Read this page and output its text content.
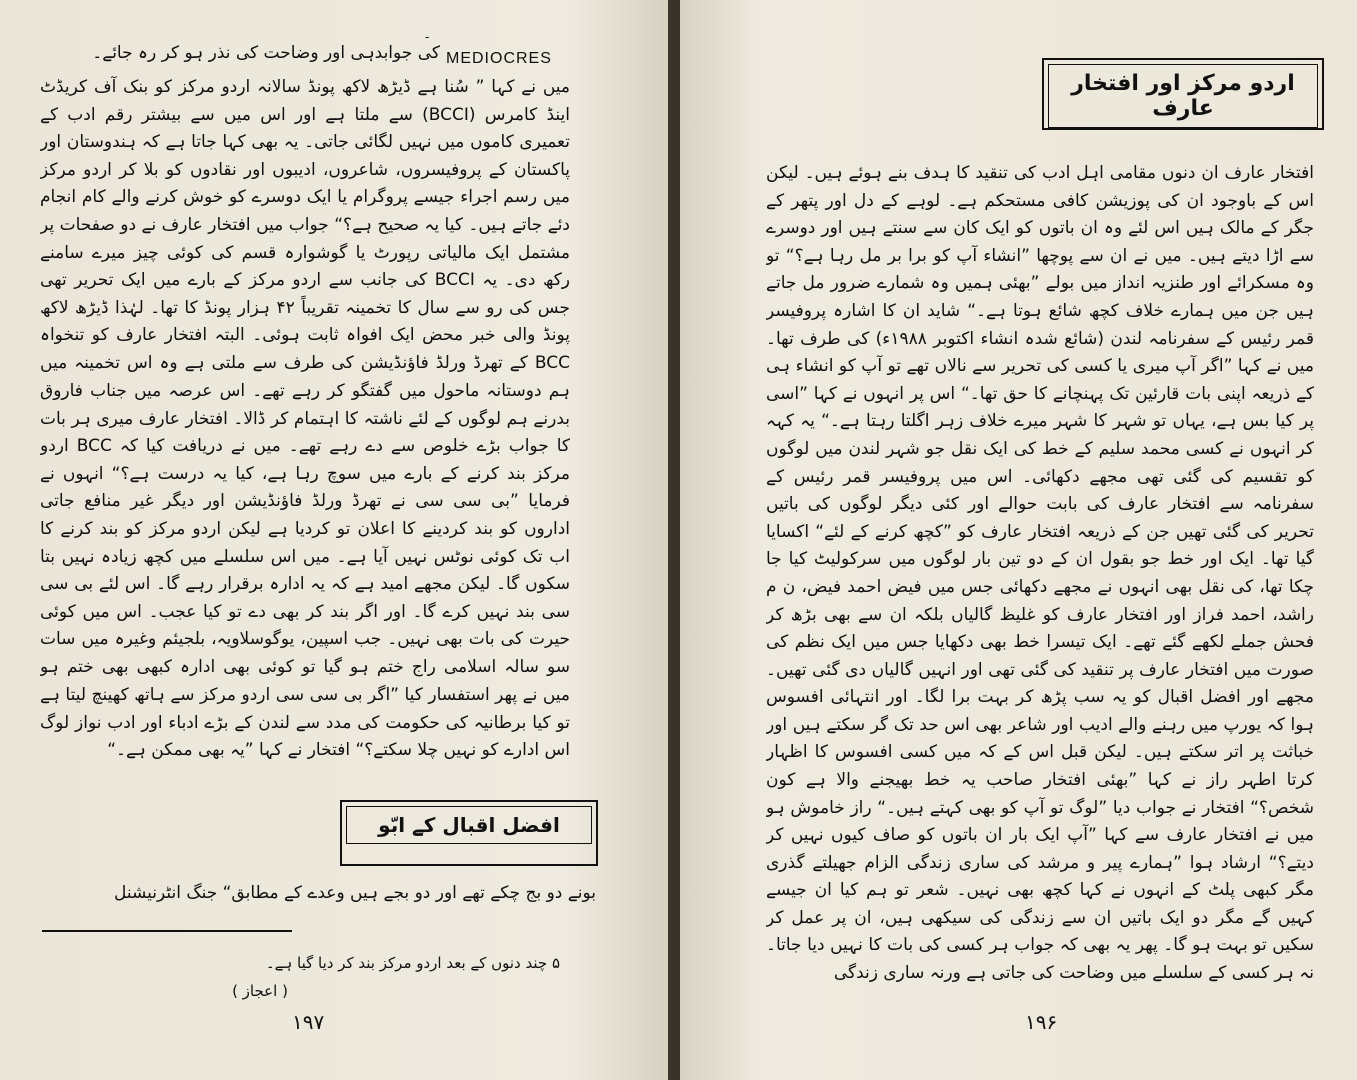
-
MEDIOCRES
کی جوابدہی اور وضاحت کی نذر ہو کر رہ جائے۔

میں نے کہا ” سُنا ہے ڈیڑھ لاکھ پونڈ سالانہ اردو مرکز کو بنک آف کریڈٹ اینڈ کامرس (BCCI) سے ملتا ہے اور اس میں سے بیشتر رقم ادب کے تعمیری کاموں میں نہیں لگائی جاتی۔ یہ بھی کہا جاتا ہے کہ ہندوستان اور پاکستان کے پروفیسروں، شاعروں، ادیبوں اور نقادوں کو بلا کر اردو مرکز میں رسم اجراء جیسے پروگرام یا ایک دوسرے کو خوش کرنے والے کام انجام دئے جاتے ہیں۔ کیا یہ صحیح ہے؟“ جواب میں افتخار عارف نے دو صفحات پر مشتمل ایک مالیاتی رپورٹ یا گوشوارہ قسم کی کوئی چیز میرے سامنے رکھ دی۔ یہ BCCI کی جانب سے اردو مرکز کے بارے میں ایک تحریر تھی جس کی رو سے سال کا تخمینہ تقریباً ۴۲ ہزار پونڈ کا تھا۔ لہٰذا ڈیڑھ لاکھ پونڈ والی خبر محض ایک افواہ ثابت ہوئی۔ البتہ افتخار عارف کو تنخواہ BCC کے تھرڈ ورلڈ فاؤنڈیشن کی طرف سے ملتی ہے وہ اس تخمینہ میں

ہم دوستانہ ماحول میں گفتگو کر رہے تھے۔ اس عرصہ میں جناب فاروق بدرنے ہم لوگوں کے لئے ناشتہ کا اہتمام کر ڈالا۔ افتخار عارف میری ہر بات کا جواب بڑے خلوص سے دے رہے تھے۔ میں نے دریافت کیا کہ BCC اردو مرکز بند کرنے کے بارے میں سوچ رہا ہے، کیا یہ درست ہے؟“ انہوں نے فرمایا ”بی سی سی نے تھرڈ ورلڈ فاؤنڈیشن اور دیگر غیر منافع جاتی اداروں کو بند کردینے کا اعلان تو کردیا ہے لیکن اردو مرکز کو بند کرنے کا اب تک کوئی نوٹس نہیں آیا ہے۔ میں اس سلسلے میں کچھ زیادہ نہیں بتا سکوں گا۔ لیکن مجھے امید ہے کہ یہ ادارہ برقرار رہے گا۔ اس لئے بی سی سی بند نہیں کرے گا۔ اور اگر بند کر بھی دے تو کیا عجب۔ اس میں کوئی حیرت کی بات بھی نہیں۔ جب اسپین، یوگوسلاویہ، بلجیئم وغیرہ میں سات سو سالہ اسلامی راج ختم ہو گیا تو کوئی بھی ادارہ کبھی بھی ختم ہو

میں نے پھر استفسار کیا ”اگر بی سی سی اردو مرکز سے ہاتھ کھینچ لیتا ہے تو کیا برطانیہ کی حکومت کی مدد سے لندن کے بڑے ادباء اور ادب نواز لوگ اس ادارے کو نہیں چلا سکتے؟“ افتخار نے کہا ”یہ بھی ممکن ہے۔“

افضل اقبال کے ابّو
بونے دو بج چکے تھے اور دو بجے ہیں وعدے کے مطابق“ جنگ انٹرنیشنل
۵ چند دنوں کے بعد اردو مرکز بند کر دیا گیا ہے۔
( اعجاز )
۱۹۷
اردو مرکز اور افتخار عارف

افتخار عارف ان دنوں مقامی اہل ادب کی تنقید کا ہدف بنے ہوئے ہیں۔ لیکن اس کے باوجود ان کی پوزیشن کافی مستحکم ہے۔ لوہے کے دل اور پتھر کے جگر کے مالک ہیں اس لئے وہ ان باتوں کو ایک کان سے سنتے ہیں اور دوسرے سے اڑا دیتے ہیں۔ میں نے ان سے پوچھا ”انشاء آپ کو برا بر مل رہا ہے؟“ تو وہ مسکرائے اور طنزیہ انداز میں بولے ”بھئی ہمیں وہ شمارے ضرور مل جاتے ہیں جن میں ہمارے خلاف کچھ شائع ہوتا ہے۔“ شاید ان کا اشارہ پروفیسر قمر رئیس کے سفرنامہ لندن (شائع شدہ انشاء اکتوبر ۱۹۸۸ء) کی طرف تھا۔ میں نے کہا ”اگر آپ میری یا کسی کی تحریر سے نالاں تھے تو آپ کو انشاء ہی کے ذریعہ اپنی بات قارئین تک پہنچانے کا حق تھا۔“ اس پر انہوں نے کہا ”اسی پر کیا بس ہے، یہاں تو شہر کا شہر میرے خلاف زہر اگلتا رہتا ہے۔“ یہ کہہ کر انہوں نے کسی محمد سلیم کے خط کی ایک نقل جو شہر لندن میں لوگوں کو تقسیم کی گئی تھی مجھے دکھائی۔ اس میں پروفیسر قمر رئیس کے سفرنامہ سے افتخار عارف کی بابت حوالے اور کئی دیگر لوگوں کی باتیں تحریر کی گئی تھیں جن کے ذریعہ افتخار عارف کو ”کچھ کرنے کے لئے“ اکسایا گیا تھا۔ ایک اور خط جو بقول ان کے دو تین بار لوگوں میں سرکولیٹ کیا جا چکا تھا، کی نقل بھی انہوں نے مجھے دکھائی جس میں فیض احمد فیض، ن م راشد، احمد فراز اور افتخار عارف کو غلیظ گالیاں بلکہ ان سے بھی بڑھ کر فحش جملے لکھے گئے تھے۔ ایک تیسرا خط بھی دکھایا جس میں ایک نظم کی صورت میں افتخار عارف پر تنقید کی گئی تھی اور انہیں گالیاں دی گئی تھیں۔ مجھے اور افضل اقبال کو یہ سب پڑھ کر بہت برا لگا۔ اور انتہائی افسوس ہوا کہ یورپ میں رہنے والے ادیب اور شاعر بھی اس حد تک گر سکتے ہیں اور خباثت پر اتر سکتے ہیں۔ لیکن قبل اس کے کہ میں کسی افسوس کا اظہار کرتا اطہر راز نے کہا ”بھئی افتخار صاحب یہ خط بھیجنے والا ہے کون شخص؟“ افتخار نے جواب دیا ”لوگ تو آپ کو بھی کہتے ہیں۔“ راز خاموش ہو

میں نے افتخار عارف سے کہا ”آپ ایک بار ان باتوں کو صاف کیوں نہیں کر دیتے؟“ ارشاد ہوا ”ہمارے پیر و مرشد کی ساری زندگی الزام جھیلتے گذری مگر کبھی پلٹ کے انہوں نے کہا کچھ بھی نہیں۔ شعر تو ہم کیا ان جیسے کہیں گے مگر دو ایک باتیں ان سے زندگی کی سیکھی ہیں، ان پر عمل کر سکیں تو بہت ہو گا۔ پھر یہ بھی کہ جواب ہر کسی کی بات کا نہیں دیا جاتا۔ نہ ہر کسی کے سلسلے میں وضاحت کی جاتی ہے ورنہ ساری زندگی

۱۹۶
